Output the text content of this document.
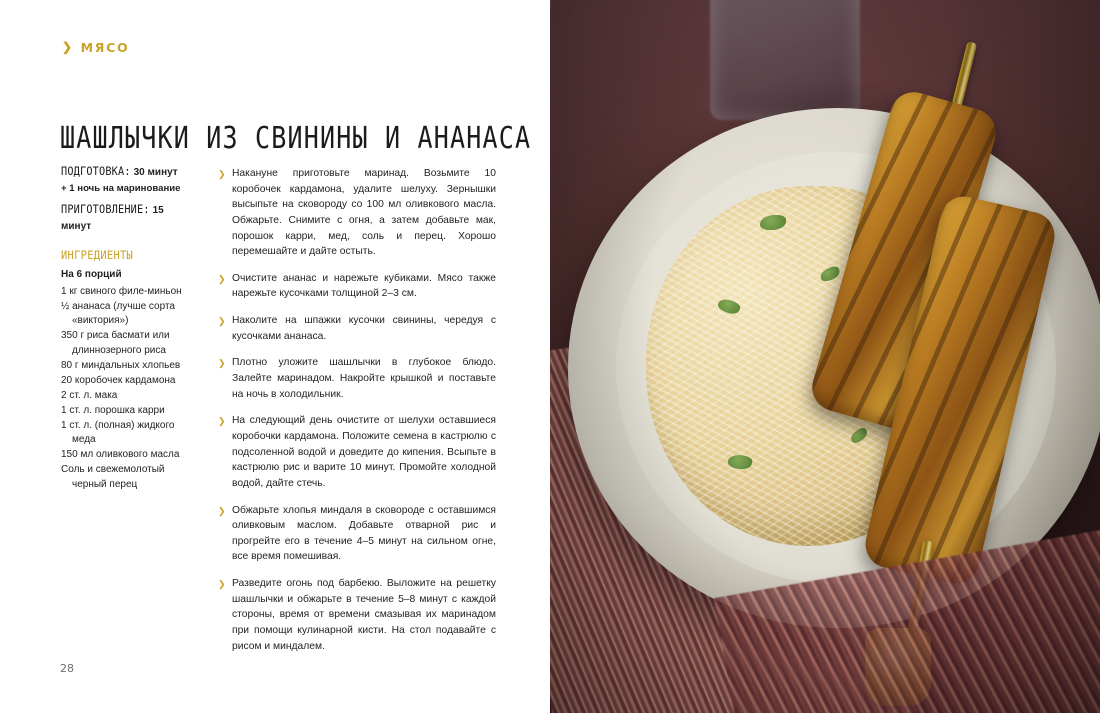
❯ МЯСО
ШАШЛЫЧКИ ИЗ СВИНИНЫ И АНАНАСА
ПОДГОТОВКА: 30 минут
+ 1 ночь на маринование
ПРИГОТОВЛЕНИЕ: 15 минут
ИНГРЕДИЕНТЫ
На 6 порций
1 кг свиного филе-миньон
½ ананаса (лучше сорта
«виктория»)
350 г риса басмати или
длиннозерного риса
80 г миндальных хлопьев
20 коробочек кардамона
2 ст. л. мака
1 ст. л. порошка карри
1 ст. л. (полная) жидкого
меда
150 мл оливкового масла
Соль и свежемолотый
черный перец
❯ Накануне приготовьте маринад. Возьмите 10 коробочек кардамона, удалите шелуху. Зернышки высыпьте на сковороду со 100 мл оливкового масла. Обжарьте. Снимите с огня, а затем добавьте мак, порошок карри, мед, соль и перец. Хорошо перемешайте и дайте остыть.
❯ Очистите ананас и нарежьте кубиками. Мясо также нарежьте кусочками толщиной 2–3 см.
❯ Наколите на шпажки кусочки свинины, чередуя с кусочками ананаса.
❯ Плотно уложите шашлычки в глубокое блюдо. Залейте маринадом. Накройте крышкой и поставьте на ночь в холодильник.
❯ На следующий день очистите от шелухи оставшиеся коробочки кардамона. Положите семена в кастрюлю с подсоленной водой и доведите до кипения. Всыпьте в кастрюлю рис и варите 10 минут. Промойте холодной водой, дайте стечь.
❯ Обжарьте хлопья миндаля в сковороде с оставшимся оливковым маслом. Добавьте отварной рис и прогрейте его в течение 4–5 минут на сильном огне, все время помешивая.
❯ Разведите огонь под барбекю. Выложите на решетку шашлычки и обжарьте в течение 5–8 минут с каждой стороны, время от времени смазывая их маринадом при помощи кулинарной кисти. На стол подавайте с рисом и миндалем.
28
